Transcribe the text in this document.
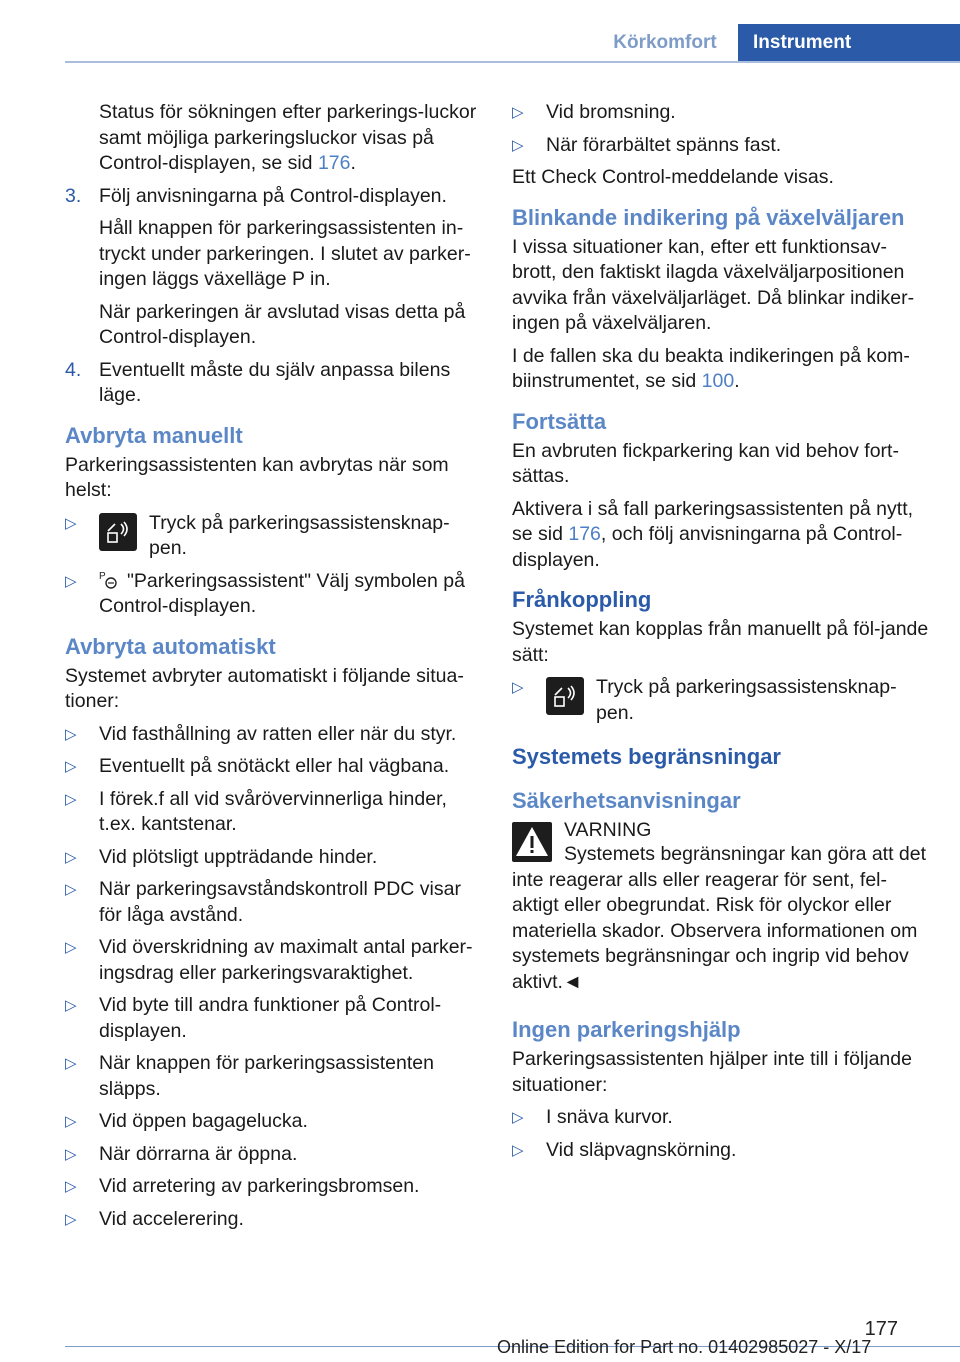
Körkomfort	Instrument

Status för sökningen efter parkerings-luckor samt möjliga parkeringsluckor visas på Control-displayen, se sid 176.

3. Följ anvisningarna på Control-displayen.

Håll knappen för parkeringsassistenten in-tryckt under parkeringen. I slutet av parker-ingen läggs växelläge P in.

När parkeringen är avslutad visas detta på Control-displayen.

4. Eventuellt måste du själv anpassa bilens läge.

Avbryta manuellt

Parkeringsassistenten kan avbrytas när som helst:

▷	Tryck på parkeringsassistensknap-pen.
▷ P "Parkeringsassistent" Välj symbolen på Control-displayen.
Avbryta automatiskt

Systemet avbryter automatiskt i följande situa-tioner:

▷ Vid fasthållning av ratten eller när du styr.
▷ Eventuellt på snötäckt eller hal vägbana.
▷ I förek.f all vid svårövervinnerliga hinder, t.ex. kantstenar.
▷ Vid plötsligt uppträdande hinder.
▷ När parkeringsavståndskontroll PDC visar för låga avstånd.
▷ Vid överskridning av maximalt antal parker-ingsdrag eller parkeringsvaraktighet.
▷ Vid byte till andra funktioner på Control-displayen.
▷ När knappen för parkeringsassistenten släpps.
▷ Vid öppen bagagelucka.
▷ När dörrarna är öppna.
▷ Vid arretering av parkeringsbromsen.
▷ Vid accelerering.
▷ Vid bromsning.
▷ När förarbältet spänns fast.

Ett Check Control-meddelande visas.

Blinkande indikering på växelväljaren

I vissa situationer kan, efter ett funktionsav-brott, den faktiskt ilagda växelväljarpositionen avvika från växelväljarläget. Då blinkar indiker-ingen på växelväljaren.

I de fallen ska du beakta indikeringen på kom-biinstrumentet, se sid 100.

Fortsätta

En avbruten fickparkering kan vid behov fort-sättas.

Aktivera i så fall parkeringsassistenten på nytt, se sid 176, och följ anvisningarna på Control-displayen.

Frånkoppling

Systemet kan kopplas från manuellt på föl-jande sätt:

▷	Tryck på parkeringsassistensknap-pen.
Systemets begränsningar
Säkerhetsanvisningar

VARNING

Systemets begränsningar kan göra att det inte reagerar alls eller reagerar för sent, fel-aktigt eller obegrundat. Risk för olyckor eller materiella skador. Observera informationen om systemets begränsningar och ingrip vid behov aktivt.◄

Ingen parkeringshjälp

Parkeringsassistenten hjälper inte till i följande situationer:

▷ I snäva kurvor.
▷ Vid släpvagnskörning.
177
Online Edition for Part no. 01402985027 - X/17
